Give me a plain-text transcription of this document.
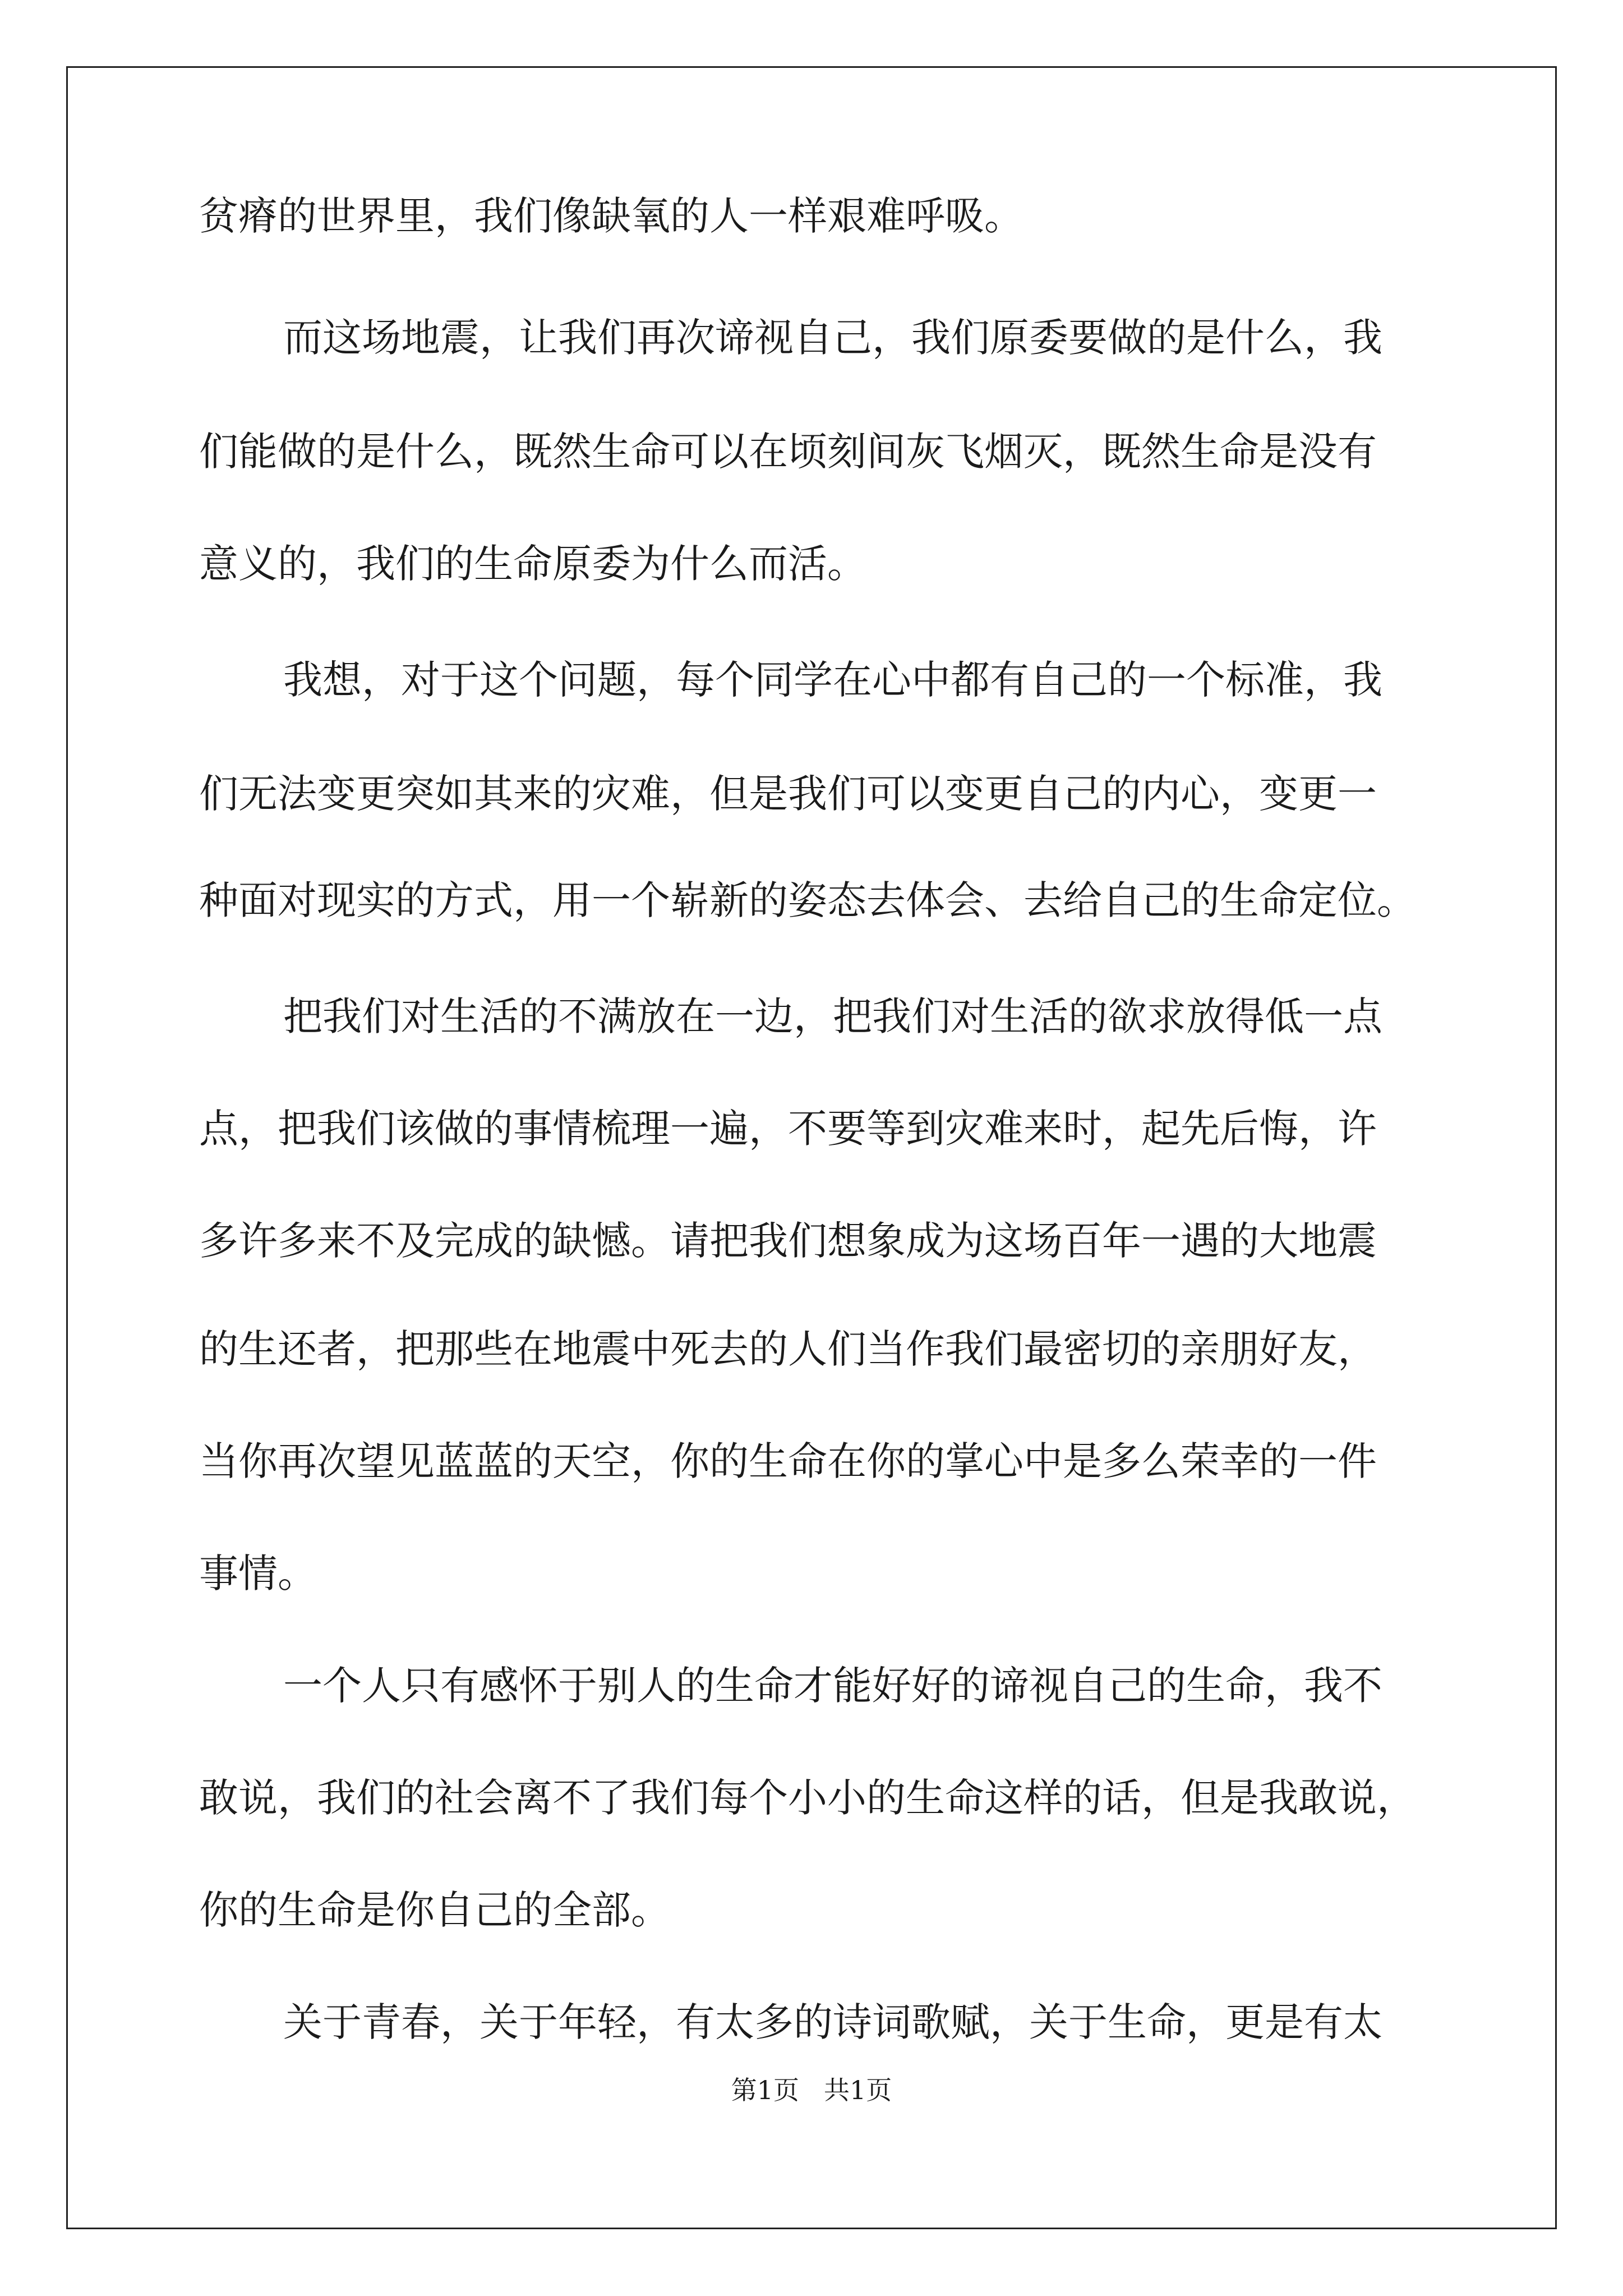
贫瘠的世界里，我们像缺氧的人一样艰难呼吸。
而这场地震，让我们再次谛视自己，我们原委要做的是什么，我
们能做的是什么，既然生命可以在顷刻间灰飞烟灭，既然生命是没有
意义的，我们的生命原委为什么而活。
我想，对于这个问题，每个同学在心中都有自己的一个标准，我
们无法变更突如其来的灾难，但是我们可以变更自己的内心，变更一
种面对现实的方式，用一个崭新的姿态去体会、去给自己的生命定位。
把我们对生活的不满放在一边，把我们对生活的欲求放得低一点
点，把我们该做的事情梳理一遍，不要等到灾难来时，起先后悔，许
多许多来不及完成的缺憾。请把我们想象成为这场百年一遇的大地震
的生还者，把那些在地震中死去的人们当作我们最密切的亲朋好友，
当你再次望见蓝蓝的天空，你的生命在你的掌心中是多么荣幸的一件
事情。
一个人只有感怀于别人的生命才能好好的谛视自己的生命，我不
敢说，我们的社会离不了我们每个小小的生命这样的话，但是我敢说，
你的生命是你自己的全部。
关于青春，关于年轻，有太多的诗词歌赋，关于生命，更是有太
第1页 共1页
